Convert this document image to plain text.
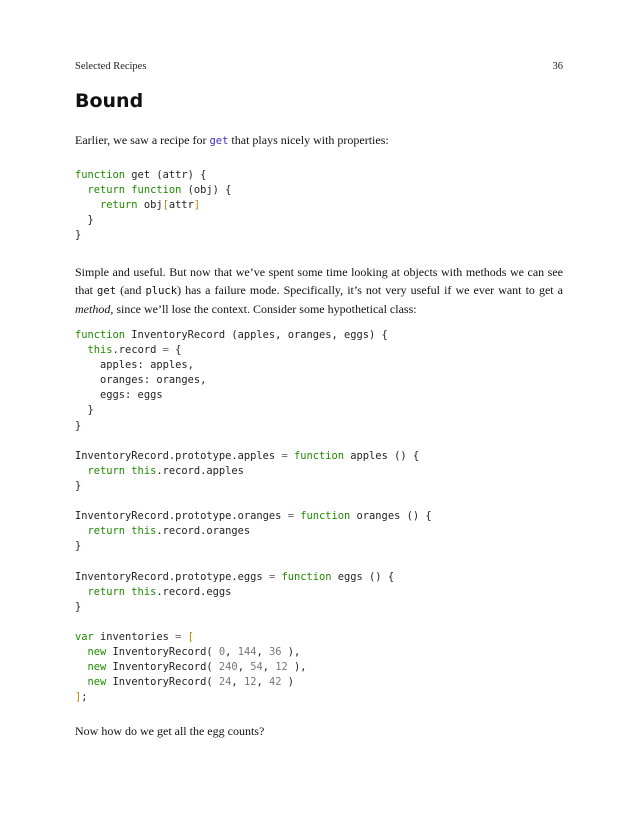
Selected Recipes	36
Bound

Earlier, we saw a recipe for get that plays nicely with properties:

function get (attr) {
return function (obj) {
return obj[attr]
}
}

Simple and useful. But now that we’ve spent some time looking at objects with methods we can see that get (and pluck) has a failure mode. Specifically, it’s not very useful if we ever want to get a method, since we’ll lose the context. Consider some hypothetical class:

function InventoryRecord (apples, oranges, eggs) {
this.record = {
apples: apples,
oranges: oranges,
eggs: eggs
}
}
InventoryRecord.prototype.apples = function apples () {
return this.record.apples
}
InventoryRecord.prototype.oranges = function oranges () {
return this.record.oranges
}
InventoryRecord.prototype.eggs = function eggs () {
return this.record.eggs
}
var inventories = [
new InventoryRecord( 0, 144, 36 ),
new InventoryRecord( 240, 54, 12 ),
new InventoryRecord( 24, 12, 42 )
];

Now how do we get all the egg counts?
